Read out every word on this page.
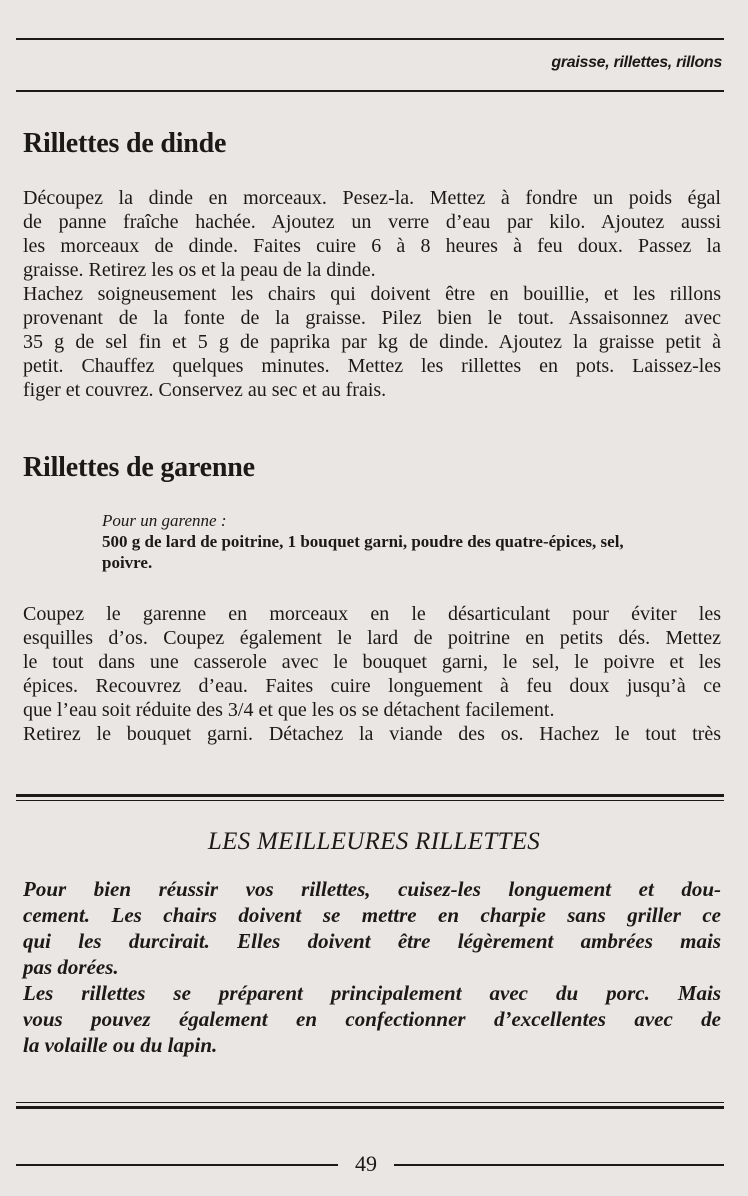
graisse, rillettes, rillons
Rillettes de dinde
Découpez la dinde en morceaux. Pesez-la. Mettez à fondre un poids égal
de panne fraîche hachée. Ajoutez un verre d’eau par kilo. Ajoutez aussi
les morceaux de dinde. Faites cuire 6 à 8 heures à feu doux. Passez la
graisse. Retirez les os et la peau de la dinde.
Hachez soigneusement les chairs qui doivent être en bouillie, et les rillons
provenant de la fonte de la graisse. Pilez bien le tout. Assaisonnez avec
35 g de sel fin et 5 g de paprika par kg de dinde. Ajoutez la graisse petit à
petit. Chauffez quelques minutes. Mettez les rillettes en pots. Laissez-les
figer et couvrez. Conservez au sec et au frais.
Rillettes de garenne
Pour un garenne :
500 g de lard de poitrine, 1 bouquet garni, poudre des quatre-épices, sel,
poivre.
Coupez le garenne en morceaux en le désarticulant pour éviter les
esquilles d’os. Coupez également le lard de poitrine en petits dés. Mettez
le tout dans une casserole avec le bouquet garni, le sel, le poivre et les
épices. Recouvrez d’eau. Faites cuire longuement à feu doux jusqu’à ce
que l’eau soit réduite des 3/4 et que les os se détachent facilement.
Retirez le bouquet garni. Détachez la viande des os. Hachez le tout très
LES MEILLEURES RILLETTES
Pour bien réussir vos rillettes, cuisez-les longuement et dou-
cement. Les chairs doivent se mettre en charpie sans griller ce
qui les durcirait. Elles doivent être légèrement ambrées mais
pas dorées.
Les rillettes se préparent principalement avec du porc. Mais
vous pouvez également en confectionner d’excellentes avec de
la volaille ou du lapin.
49
